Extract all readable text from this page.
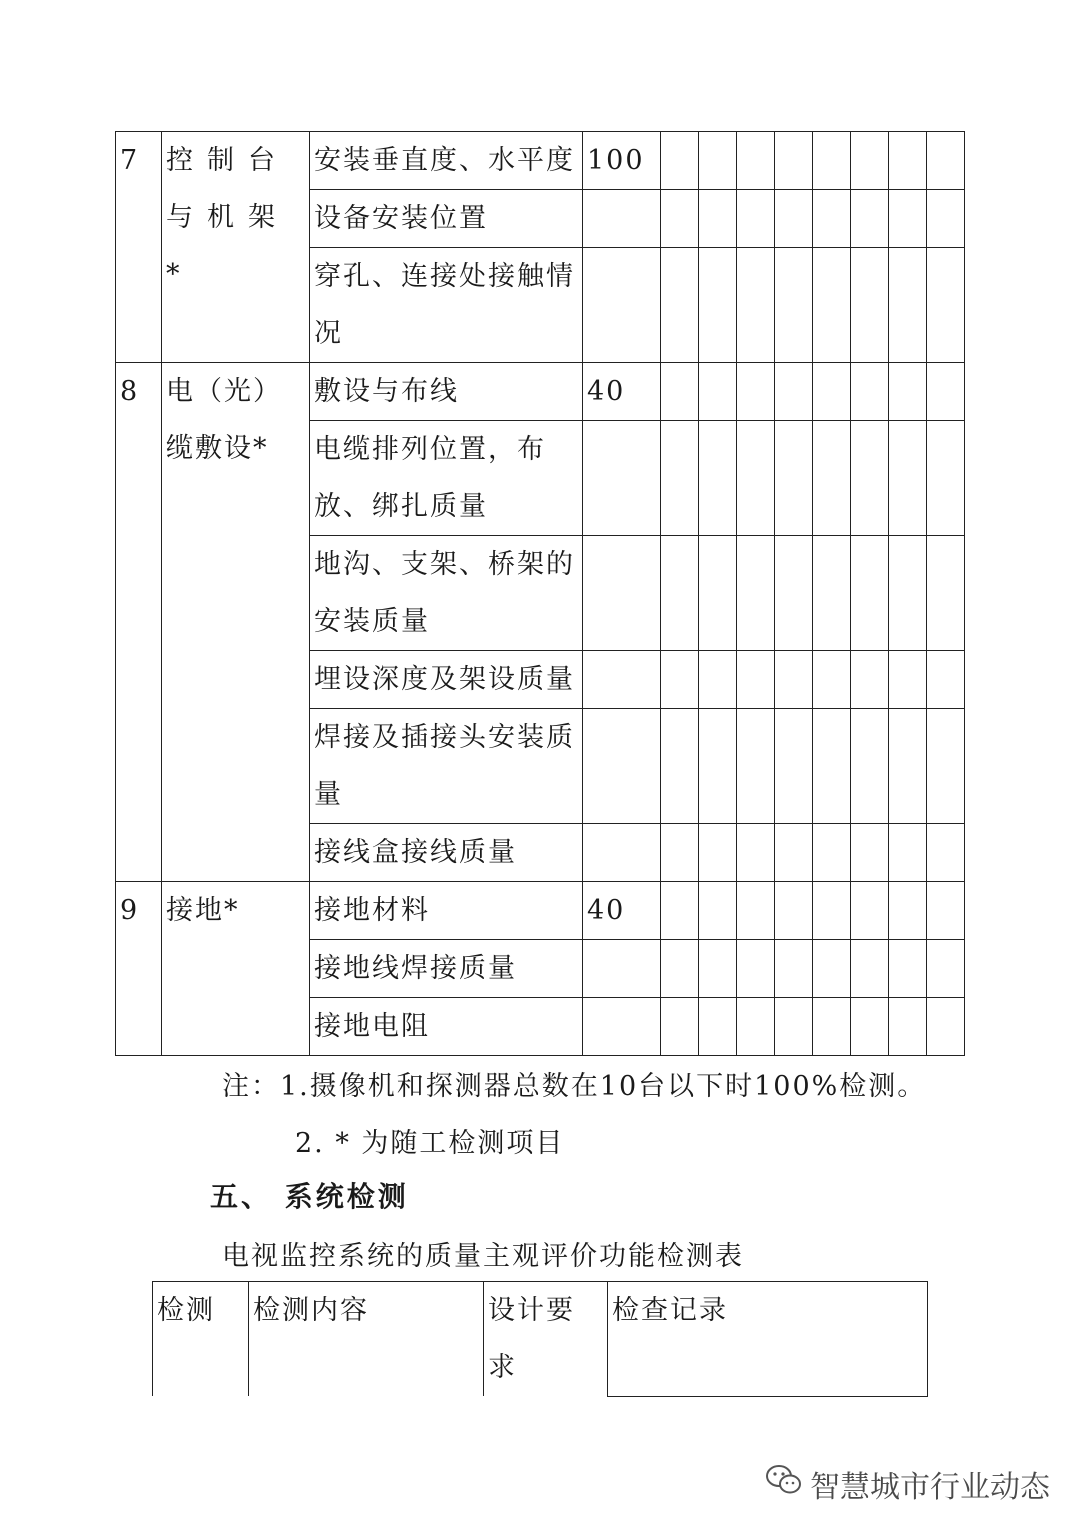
7	控制台与机架*	安装垂直度、水平度	100								
		设备安装位置									
		穿孔、连接处接触情况									

8	电（光）缆敷设*	敷设与布线	40								
		电缆排列位置，布放、绑扎质量									
		地沟、支架、桥架的安装质量									
		埋设深度及架设质量									
		焊接及插接头安装质量									
		接线盒接线质量									
9	接地*	接地材料	40								
		接地线焊接质量									
		接地电阻									
注：1.摄像机和探测器总数在10台以下时100%检测。
2. * 为随工检测项目
五、 系统检测
电视监控系统的质量主观评价功能检测表
检测	检测内容	设计要求	检查记录
智慧城市行业动态
